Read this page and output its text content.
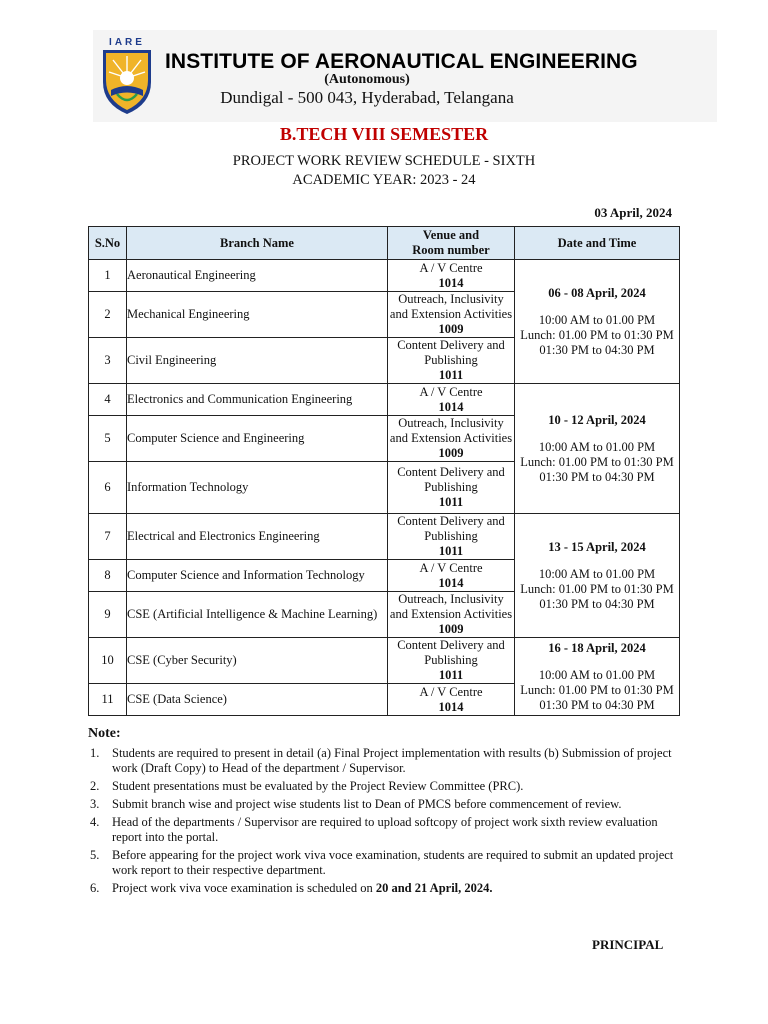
IARE
INSTITUTE OF AERONAUTICAL ENGINEERING
(Autonomous)
Dundigal - 500 043, Hyderabad, Telangana
B.TECH VIII SEMESTER
PROJECT WORK REVIEW SCHEDULE - SIXTH
ACADEMIC YEAR: 2023 - 24
03 April, 2024
S.No	Branch Name	Venue and
Room number	Date and Time
1	Aeronautical Engineering	A / V Centre
1014	06 - 08 April, 2024
10:00 AM to 01.00 PM
Lunch: 01.00 PM to 01:30 PM
01:30 PM to 04:30 PM
2	Mechanical Engineering	Outreach, Inclusivity and Extension Activities
1009	

3	Civil Engineering	Content Delivery and Publishing
1011	

4	Electronics and Communication Engineering	A / V Centre
1014	10 - 12 April, 2024
10:00 AM to 01.00 PM
Lunch: 01.00 PM to 01:30 PM
01:30 PM to 04:30 PM
5	Computer Science and Engineering	Outreach, Inclusivity and Extension Activities
1009	

6	Information Technology	Content Delivery and Publishing
1011	

7	Electrical and Electronics Engineering	Content Delivery and Publishing
1011	13 - 15 April, 2024
10:00 AM to 01.00 PM
Lunch: 01.00 PM to 01:30 PM
01:30 PM to 04:30 PM
8	Computer Science and Information Technology	A / V Centre
1014	

9	CSE (Artificial Intelligence & Machine Learning)	Outreach, Inclusivity and Extension Activities
1009	

10	CSE (Cyber Security)	Content Delivery and Publishing
1011	16 - 18 April, 2024
10:00 AM to 01.00 PM
Lunch: 01.00 PM to 01:30 PM
01:30 PM to 04:30 PM
11	CSE (Data Science)	A / V Centre
1014	
Note:
1. Students are required to present in detail (a) Final Project implementation with results (b) Submission of project work (Draft Copy) to Head of the department / Supervisor.
2. Student presentations must be evaluated by the Project Review Committee (PRC).
3. Submit branch wise and project wise students list to Dean of PMCS before commencement of review.
4. Head of the departments / Supervisor are required to upload softcopy of project work sixth review evaluation report into the portal.
5. Before appearing for the project work viva voce examination, students are required to submit an updated project work report to their respective department.
6. Project work viva voce examination is scheduled on 20 and 21 April, 2024.
PRINCIPAL
